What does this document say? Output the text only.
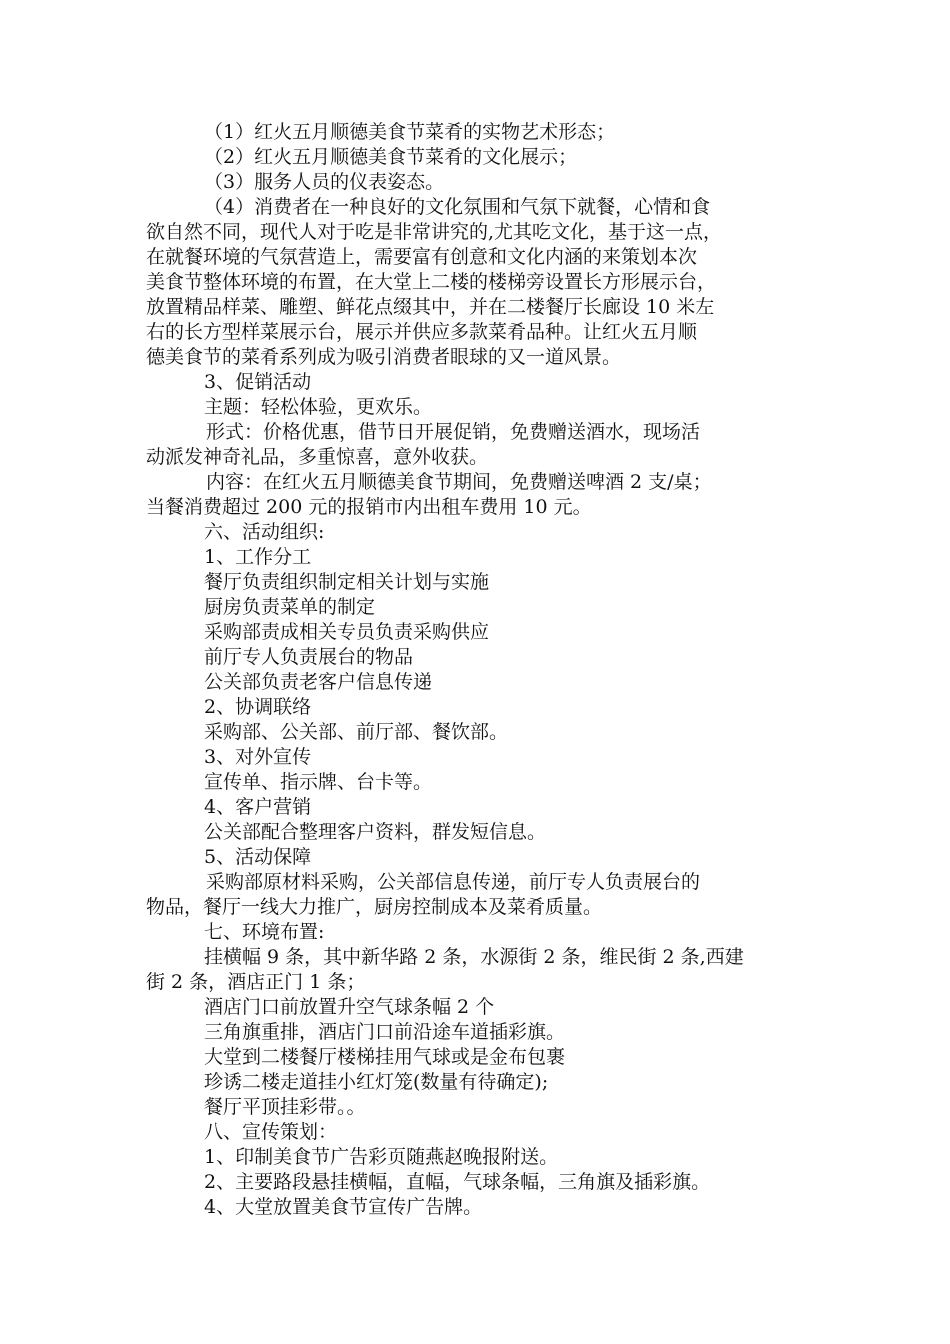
（1）红火五月顺德美食节菜肴的实物艺术形态；

（2）红火五月顺德美食节菜肴的文化展示；

（3）服务人员的仪表姿态。

（4）消费者在一种良好的文化氛围和气氛下就餐，心情和食

欲自然不同，现代人对于吃是非常讲究的,尤其吃文化，基于这一点，

在就餐环境的气氛营造上，需要富有创意和文化内涵的来策划本次

美食节整体环境的布置，在大堂上二楼的楼梯旁设置长方形展示台，

放置精品样菜、雕塑、鲜花点缀其中，并在二楼餐厅长廊设 10 米左

右的长方型样菜展示台，展示并供应多款菜肴品种。让红火五月顺

德美食节的菜肴系列成为吸引消费者眼球的又一道风景。

3、促销活动

主题：轻松体验，更欢乐。

形式：价格优惠，借节日开展促销，免费赠送酒水，现场活

动派发神奇礼品，多重惊喜，意外收获。

内容：在红火五月顺德美食节期间，免费赠送啤酒 2 支/桌；

当餐消费超过 200 元的报销市内出租车费用 10 元。

六、活动组织:

1、工作分工

餐厅负责组织制定相关计划与实施

厨房负责菜单的制定

采购部责成相关专员负责采购供应

前厅专人负责展台的物品

公关部负责老客户信息传递

2、协调联络

采购部、公关部、前厅部、餐饮部。

3、对外宣传

宣传单、指示牌、台卡等。

4、客户营销

公关部配合整理客户资料，群发短信息。

5、活动保障

采购部原材料采购，公关部信息传递，前厅专人负责展台的

物品，餐厅一线大力推广，厨房控制成本及菜肴质量。

七、环境布置:

挂横幅 9 条，其中新华路 2 条，水源街 2 条，维民街 2 条,西建

街 2 条，酒店正门 1 条；

酒店门口前放置升空气球条幅 2 个

三角旗重排，酒店门口前沿途车道插彩旗。

大堂到二楼餐厅楼梯挂用气球或是金布包裹

珍诱二楼走道挂小红灯笼(数量有待确定);

餐厅平顶挂彩带。。

八、宣传策划：

1、印制美食节广告彩页随燕赵晚报附送。

2、主要路段悬挂横幅，直幅，气球条幅，三角旗及插彩旗。

4、大堂放置美食节宣传广告牌。
